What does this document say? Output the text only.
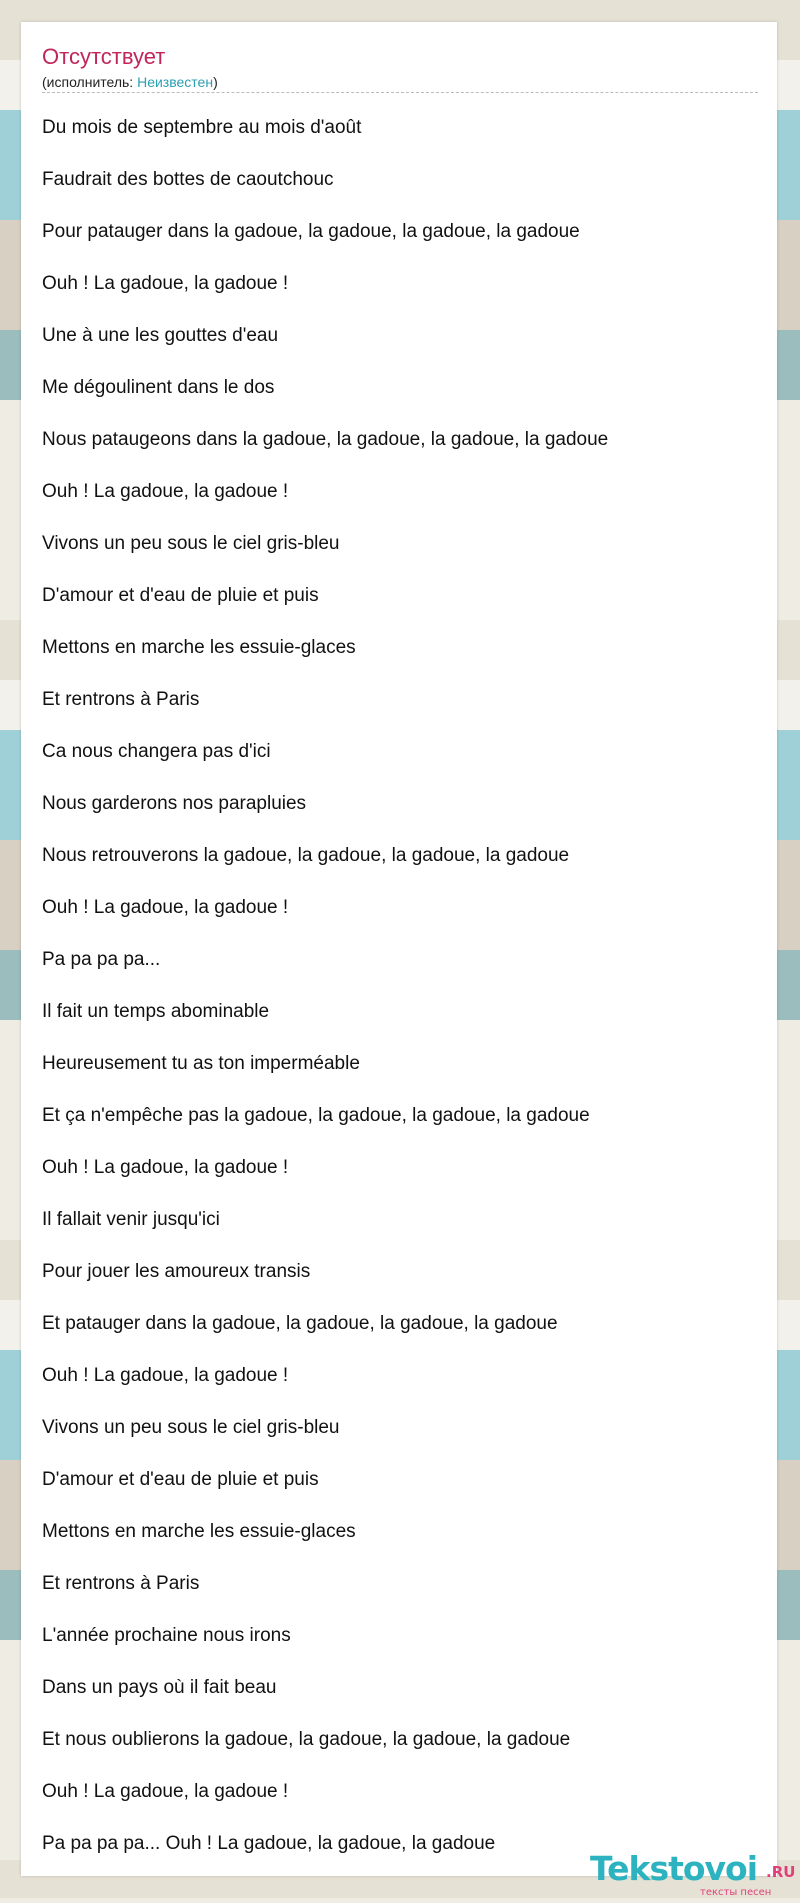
Отсутствует
(исполнитель: Неизвестен)
Du mois de septembre au mois d'août
Faudrait des bottes de caoutchouc
Pour patauger dans la gadoue, la gadoue, la gadoue, la gadoue
Ouh ! La gadoue, la gadoue !
Une à une les gouttes d'eau
Me dégoulinent dans le dos
Nous pataugeons dans la gadoue, la gadoue, la gadoue, la gadoue
Ouh ! La gadoue, la gadoue !
Vivons un peu sous le ciel gris-bleu
D'amour et d'eau de pluie et puis
Mettons en marche les essuie-glaces
Et rentrons à Paris
Ca nous changera pas d'ici
Nous garderons nos parapluies
Nous retrouverons la gadoue, la gadoue, la gadoue, la gadoue
Ouh ! La gadoue, la gadoue !
Pa pa pa pa...
Il fait un temps abominable
Heureusement tu as ton imperméable
Et ça n'empêche pas la gadoue, la gadoue, la gadoue, la gadoue
Ouh ! La gadoue, la gadoue !
Il fallait venir jusqu'ici
Pour jouer les amoureux transis
Et patauger dans la gadoue, la gadoue, la gadoue, la gadoue
Ouh ! La gadoue, la gadoue !
Vivons un peu sous le ciel gris-bleu
D'amour et d'eau de pluie et puis
Mettons en marche les essuie-glaces
Et rentrons à Paris
L'année prochaine nous irons
Dans un pays où il fait beau
Et nous oublierons la gadoue, la gadoue, la gadoue, la gadoue
Ouh ! La gadoue, la gadoue !
Pa pa pa pa... Ouh ! La gadoue, la gadoue, la gadoue
Tekstovoi .RU
тексты песен
